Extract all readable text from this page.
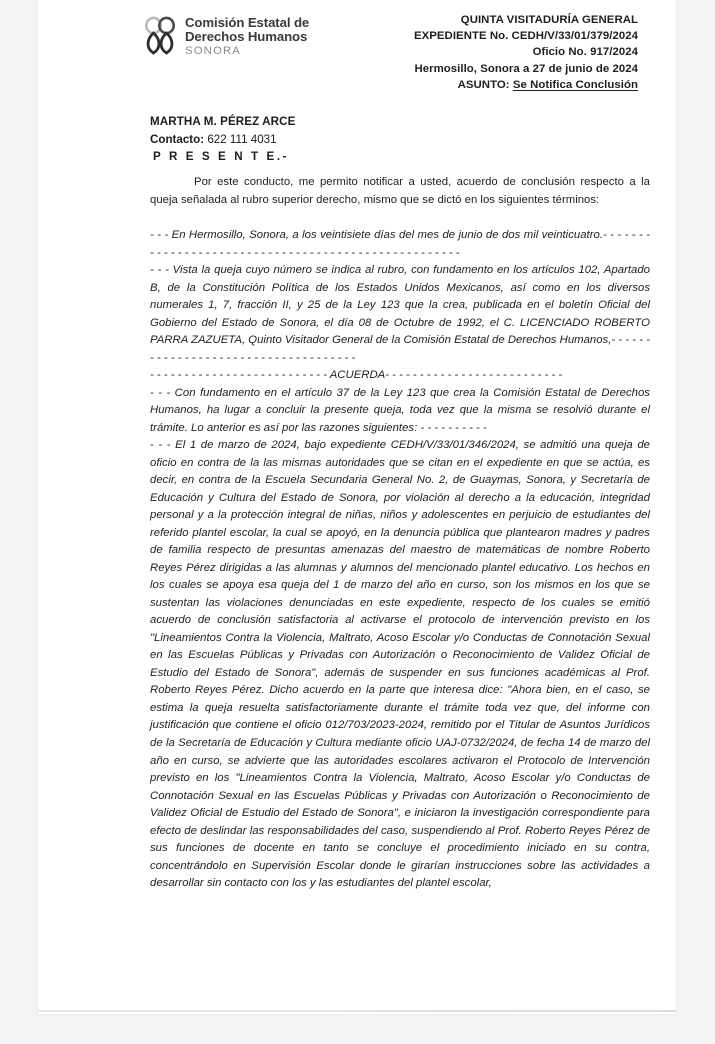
Comisión Estatal de
Derechos Humanos
SONORA
QUINTA VISITADURÍA GENERAL
EXPEDIENTE No. CEDH/V/33/01/379/2024
Oficio No. 917/2024
Hermosillo, Sonora a 27 de junio de 2024
ASUNTO: Se Notifica Conclusión
MARTHA M. PÉREZ ARCE
Contacto: 622 111 4031
P R E S E N T E.-

Por este conducto, me permito notificar a usted, acuerdo de conclusión respecto a la queja señalada al rubro superior derecho, mismo que se dictó en los siguientes términos:

- - - En Hermosillo, Sonora, a los veintisiete días del mes de junio de dos mil veinticuatro.- - - - - - - - - - - - - - - - - - - - - - - - - - - - - - - - - - - - - - - - - - - - - - - - - - - -

- - - Vista la queja cuyo número se indica al rubro, con fundamento en los artículos 102, Apartado B, de la Constitución Política de los Estados Unidos Mexicanos, así como en los diversos numerales 1, 7, fracción II, y 25 de la Ley 123 que la crea, publicada en el boletín Oficial del Gobierno del Estado de Sonora, el día 08 de Octubre de 1992, el C. LICENCIADO ROBERTO PARRA ZAZUETA, Quinto Visitador General de la Comisión Estatal de Derechos Humanos,- - - - - - - - - - - - - - - - - - - - - - - - - - - - - - - - - - - -

- - - - - - - - - - - - - - - - - - - - - - - - - - ACUERDA- - - - - - - - - - - - - - - - - - - - - - - - - -

- - - Con fundamento en el artículo 37 de la Ley 123 que crea la Comisión Estatal de Derechos Humanos, ha lugar a concluir la presente queja, toda vez que la misma se resolvió durante el trámite. Lo anterior es así por las razones siguientes: - - - - - - - - - -

- - - El 1 de marzo de 2024, bajo expediente CEDH/V/33/01/346/2024, se admitió una queja de oficio en contra de la las mismas autoridades que se citan en el expediente en que se actúa, es decir, en contra de la Escuela Secundaria General No. 2, de Guaymas, Sonora, y Secretaría de Educación y Cultura del Estado de Sonora, por violación al derecho a la educación, integridad personal y a la protección integral de niñas, niños y adolescentes en perjuicio de estudiantes del referido plantel escolar, la cual se apoyó, en la denuncia pública que plantearon madres y padres de familia respecto de presuntas amenazas del maestro de matemáticas de nombre Roberto Reyes Pérez dirigidas a las alumnas y alumnos del mencionado plantel educativo. Los hechos en los cuales se apoya esa queja del 1 de marzo del año en curso, son los mismos en los que se sustentan las violaciones denunciadas en este expediente, respecto de los cuales se emitió acuerdo de conclusión satisfactoria al activarse el protocolo de intervención previsto en los "Lineamientos Contra la Violencia, Maltrato, Acoso Escolar y/o Conductas de Connotación Sexual en las Escuelas Públicas y Privadas con Autorización o Reconocimiento de Validez Oficial de Estudio del Estado de Sonora", además de suspender en sus funciones académicas al Prof. Roberto Reyes Pérez. Dicho acuerdo en la parte que interesa dice: "Ahora bien, en el caso, se estima la queja resuelta satisfactoriamente durante el trámite toda vez que, del informe con justificación que contiene el oficio 012/703/2023-2024, remitido por el Titular de Asuntos Jurídicos de la Secretaría de Educación y Cultura mediante oficio UAJ-0732/2024, de fecha 14 de marzo del año en curso, se advierte que las autoridades escolares activaron el Protocolo de Intervención previsto en los "Lineamientos Contra la Violencia, Maltrato, Acoso Escolar y/o Conductas de Connotación Sexual en las Escuelas Públicas y Privadas con Autorización o Reconocimiento de Validez Oficial de Estudio del Estado de Sonora", e iniciaron la investigación correspondiente para efecto de deslindar las responsabilidades del caso, suspendiendo al Prof. Roberto Reyes Pérez de sus funciones de docente en tanto se concluye el procedimiento iniciado en su contra, concentrándolo en Supervisión Escolar donde le girarían instrucciones sobre las actividades a desarrollar sin contacto con los y las estudiantes del plantel escolar,
